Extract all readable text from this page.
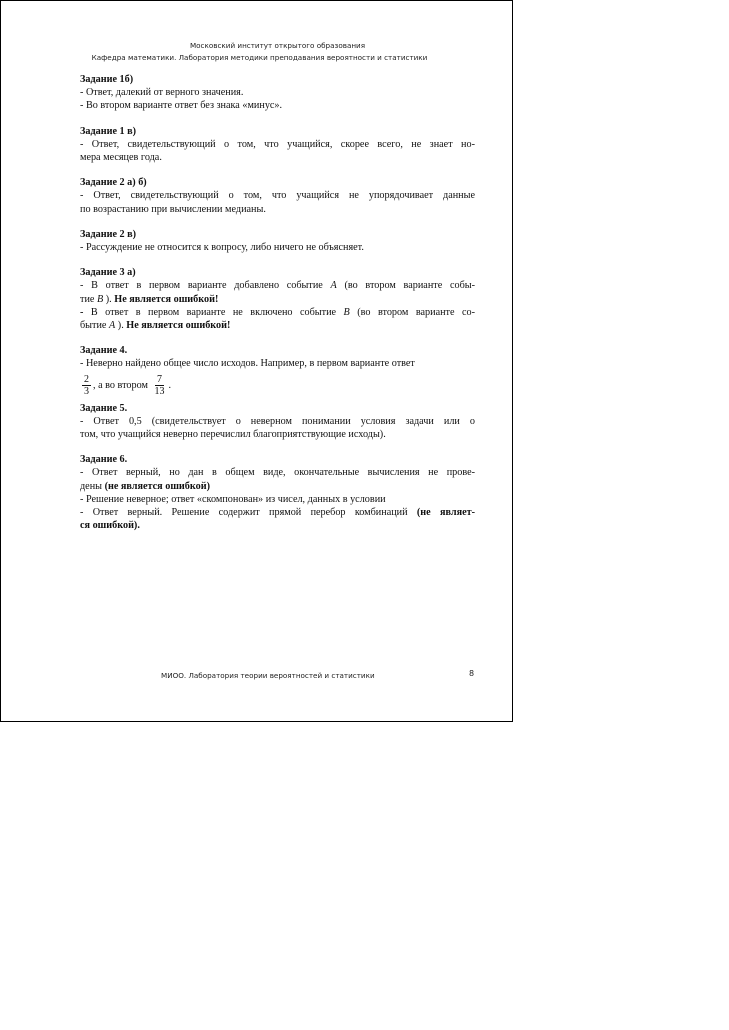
Московский институт открытого образования
Кафедра математики. Лаборатория методики преподавания вероятности и статистики
Задание 1б)
- Ответ, далекий от верного значения.
- Во втором варианте ответ без знака «минус».
Задание 1 в)
- Ответ, свидетельствующий о том, что учащийся, скорее всего, не знает но-
мера месяцев года.
Задание 2 а) б)
- Ответ, свидетельствующий о том, что учащийся не упорядочивает данные
по возрастанию при вычислении медианы.
Задание 2 в)
- Рассуждение не относится к вопросу, либо ничего не объясняет.
Задание 3 а)
- В ответ в первом варианте добавлено событие A (во втором варианте собы-
тие B ). Не является ошибкой!
- В ответ в первом варианте не включено событие B (во втором варианте со-
бытие A ). Не является ошибкой!
Задание 4.
- Неверно найдено общее число исходов. Например, в первом варианте ответ
$\frac{2}{3}$ , а во втором $\frac{7}{13}$ .
Задание 5.
- Ответ 0,5 (свидетельствует о неверном понимании условия задачи или о
том, что учащийся неверно перечислил благоприятствующие исходы).
Задание 6.
- Ответ верный, но дан в общем виде, окончательные вычисления не прове-
дены (не является ошибкой)
- Решение неверное; ответ «скомпонован» из чисел, данных в условии
- Ответ верный. Решение содержит прямой перебор комбинаций (не являет-
ся ошибкой).
МИОО. Лаборатория теории вероятностей и статистики	8
